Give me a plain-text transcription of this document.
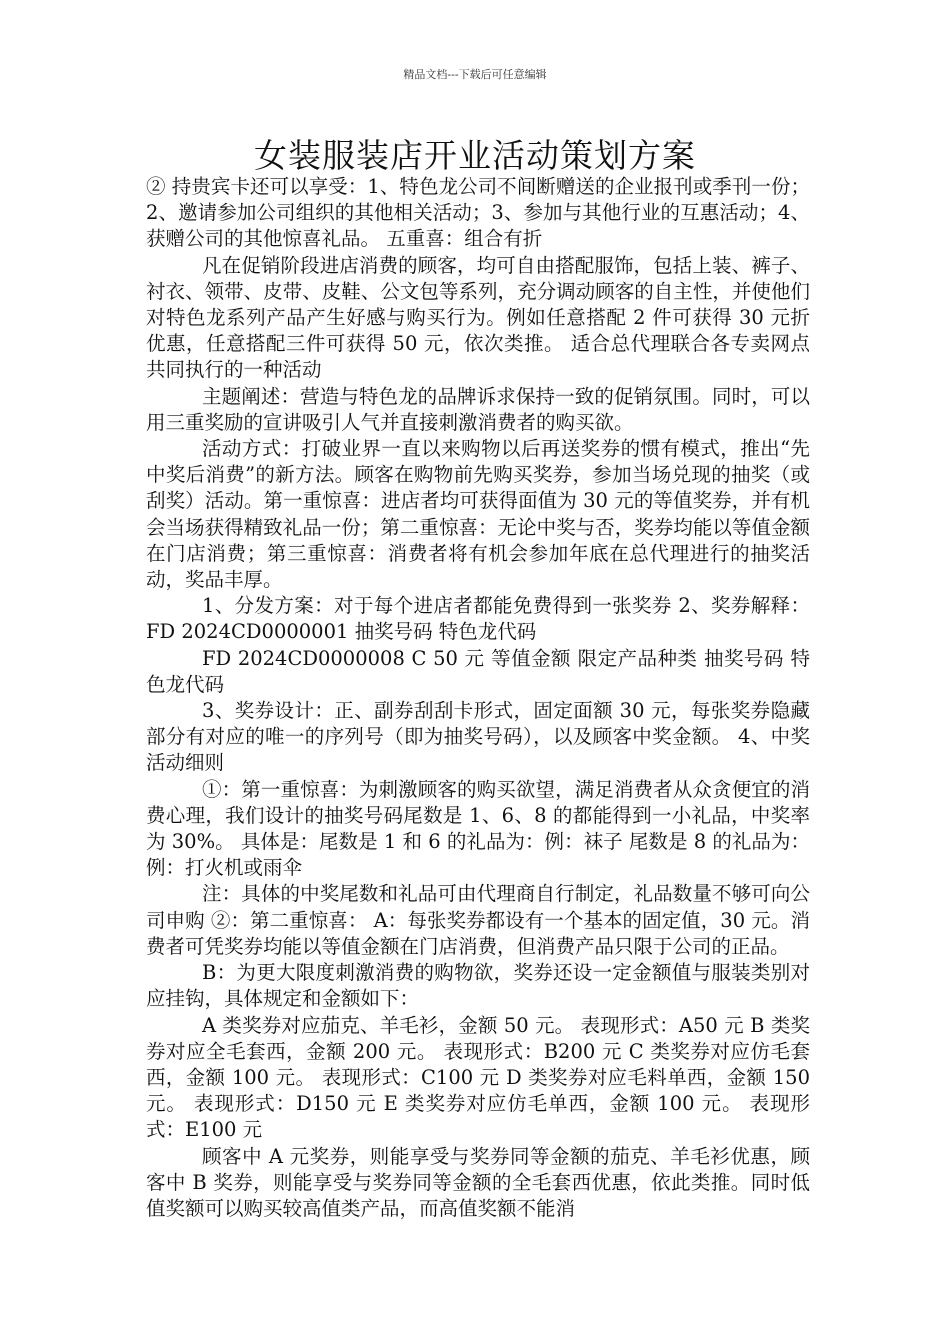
精品文档---下载后可任意编辑
女装服装店开业活动策划方案

② 持贵宾卡还可以享受：1、特色龙公司不间断赠送的企业报刊或季刊一份；2、邀请参加公司组织的其他相关活动；3、参加与其他行业的互惠活动；4、获赠公司的其他惊喜礼品。 五重喜：组合有折

凡在促销阶段进店消费的顾客，均可自由搭配服饰，包括上装、裤子、衬衣、领带、皮带、皮鞋、公文包等系列，充分调动顾客的自主性，并使他们对特色龙系列产品产生好感与购买行为。例如任意搭配 2 件可获得 30 元折优惠，任意搭配三件可获得 50 元，依次类推。 适合总代理联合各专卖网点共同执行的一种活动

主题阐述：营造与特色龙的品牌诉求保持一致的促销氛围。同时，可以用三重奖励的宣讲吸引人气并直接刺激消费者的购买欲。

活动方式：打破业界一直以来购物以后再送奖券的惯有模式，推出“先中奖后消费”的新方法。顾客在购物前先购买奖券，参加当场兑现的抽奖（或刮奖）活动。第一重惊喜：进店者均可获得面值为 30 元的等值奖券，并有机会当场获得精致礼品一份；第二重惊喜：无论中奖与否，奖券均能以等值金额在门店消费；第三重惊喜：消费者将有机会参加年底在总代理进行的抽奖活动，奖品丰厚。

1、分发方案：对于每个进店者都能免费得到一张奖券 2、奖券解释：FD 2024CD0000001 抽奖号码 特色龙代码

FD 2024CD0000008 C 50 元 等值金额 限定产品种类 抽奖号码 特色龙代码

3、奖券设计：正、副券刮刮卡形式，固定面额 30 元，每张奖券隐藏部分有对应的唯一的序列号（即为抽奖号码），以及顾客中奖金额。 4、中奖活动细则

①：第一重惊喜：为刺激顾客的购买欲望，满足消费者从众贪便宜的消费心理，我们设计的抽奖号码尾数是 1、6、8 的都能得到一小礼品，中奖率为 30%。 具体是：尾数是 1 和 6 的礼品为：例：袜子 尾数是 8 的礼品为：例：打火机或雨伞

注：具体的中奖尾数和礼品可由代理商自行制定，礼品数量不够可向公司申购 ②：第二重惊喜： A：每张奖券都设有一个基本的固定值，30 元。消费者可凭奖券均能以等值金额在门店消费，但消费产品只限于公司的正品。

B：为更大限度刺激消费的购物欲，奖券还设一定金额值与服装类别对应挂钩，具体规定和金额如下：

A 类奖券对应茄克、羊毛衫，金额 50 元。 表现形式：A50 元 B 类奖券对应全毛套西，金额 200 元。 表现形式：B200 元 C 类奖券对应仿毛套西，金额 100 元。 表现形式：C100 元 D 类奖券对应毛料单西，金额 150 元。 表现形式：D150 元 E 类奖券对应仿毛单西，金额 100 元。 表现形式：E100 元

顾客中 A 元奖券，则能享受与奖券同等金额的茄克、羊毛衫优惠，顾客中 B 奖券，则能享受与奖券同等金额的全毛套西优惠，依此类推。同时低值奖额可以购买较高值类产品，而高值奖额不能消
